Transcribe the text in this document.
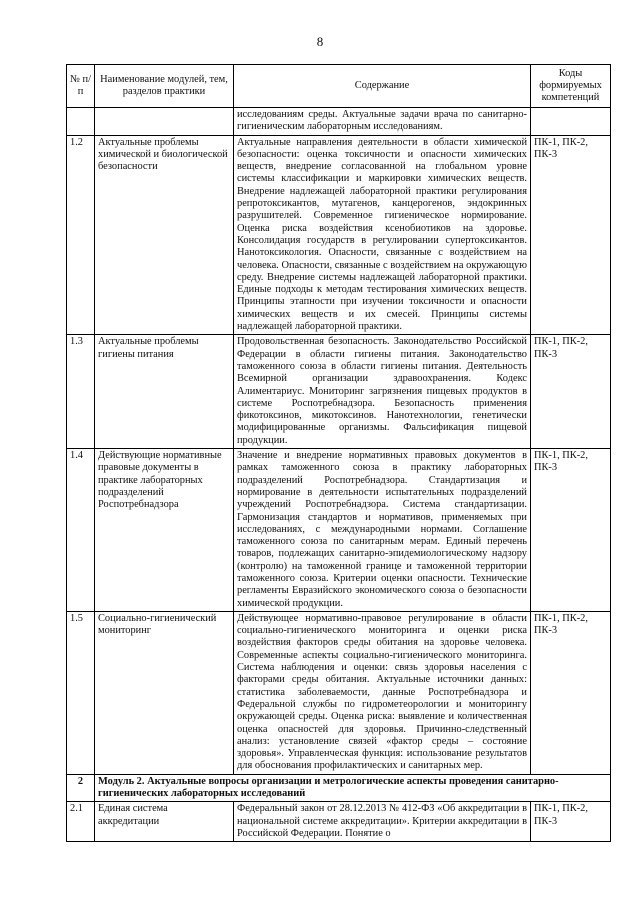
8
№ п/п	Наименование модулей, тем, разделов практики	Содержание	Коды формируемых компетенций
		исследованиям среды. Актуальные задачи врача по санитарно-гигиеническим лабораторным исследованиям.	
1.2	Актуальные проблемы химической и биологической безопасности	Актуальные направления деятельности в области химической безопасности: оценка токсичности и опасности химических веществ, внедрение согласованной на глобальном уровне системы классификации и маркировки химических веществ. Внедрение надлежащей лабораторной практики регулирования репротоксикантов, мутагенов, канцерогенов, эндокринных разрушителей. Современное гигиеническое нормирование. Оценка риска воздействия ксенобиотиков на здоровье. Консолидация государств в регулировании супертоксикантов. Нанотоксикология. Опасности, связанные с воздействием на человека. Опасности, связанные с воздействием на окружающую среду. Внедрение системы надлежащей лабораторной практики. Единые подходы к методам тестирования химических веществ. Принципы этапности при изучении токсичности и опасности химических веществ и их смесей. Принципы системы надлежащей лабораторной практики.	ПК-1, ПК-2, ПК-3
1.3	Актуальные проблемы гигиены питания	Продовольственная безопасность. Законодательство Российской Федерации в области гигиены питания. Законодательство таможенного союза в области гигиены питания. Деятельность Всемирной организации здравоохранения. Кодекс Алиментариус. Мониторинг загрязнения пищевых продуктов в системе Роспотребнадзора. Безопасность применения фикотоксинов, микотоксинов. Нанотехнологии, генетически модифицированные организмы. Фальсификация пищевой продукции.	ПК-1, ПК-2, ПК-3
1.4	Действующие нормативные правовые документы в практике лабораторных подразделений Роспотребнадзора	Значение и внедрение нормативных правовых документов в рамках таможенного союза в практику лабораторных подразделений Роспотребнадзора. Стандартизация и нормирование в деятельности испытательных подразделений учреждений Роспотребнадзора. Система стандартизации. Гармонизация стандартов и нормативов, применяемых при исследованиях, с международными нормами. Соглашение таможенного союза по санитарным мерам. Единый перечень товаров, подлежащих санитарно-эпидемиологическому надзору (контролю) на таможенной границе и таможенной территории таможенного союза. Критерии оценки опасности. Технические регламенты Евразийского экономического союза о безопасности химической продукции.	ПК-1, ПК-2, ПК-3
1.5	Социально-гигиенический мониторинг	Действующее нормативно-правовое регулирование в области социально-гигиенического мониторинга и оценки риска воздействия факторов среды обитания на здоровье человека. Современные аспекты социально-гигиенического мониторинга. Система наблюдения и оценки: связь здоровья населения с факторами среды обитания. Актуальные источники данных: статистика заболеваемости, данные Роспотребнадзора и Федеральной службы по гидрометеорологии и мониторингу окружающей среды. Оценка риска: выявление и количественная оценка опасностей для здоровья. Причинно-следственный анализ: установление связей «фактор среды – состояние здоровья». Управленческая функция: использование результатов для обоснования профилактических и санитарных мер.	ПК-1, ПК-2, ПК-3
2	Модуль 2. Актуальные вопросы организации и метрологические аспекты проведения санитарно-гигиенических лабораторных исследований		
2.1	Единая система аккредитации	Федеральный закон от 28.12.2013 № 412-ФЗ «Об аккредитации в национальной системе аккредитации». Критерии аккредитации в Российской Федерации. Понятие о	ПК-1, ПК-2, ПК-3
